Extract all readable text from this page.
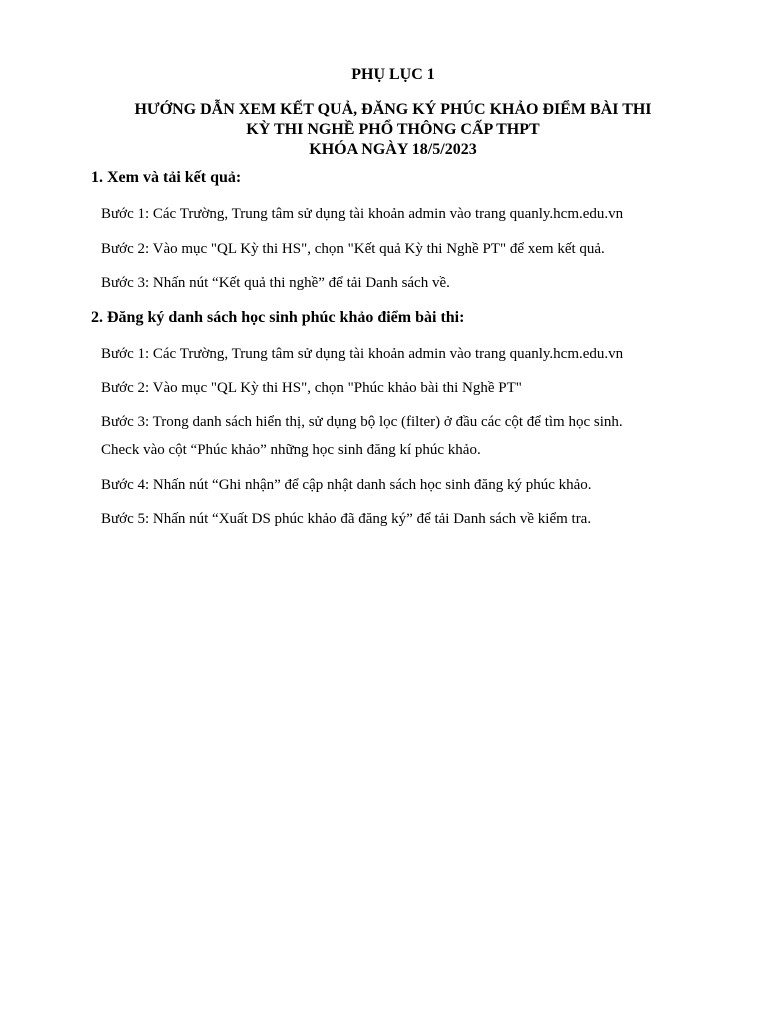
PHỤ LỤC 1
HƯỚNG DẪN XEM KẾT QUẢ, ĐĂNG KÝ PHÚC KHẢO ĐIỂM BÀI THI
KỲ THI NGHỀ PHỔ THÔNG CẤP THPT
KHÓA NGÀY 18/5/2023
1. Xem và tải kết quả:
Bước 1: Các Trường, Trung tâm sử dụng tài khoản admin vào trang quanly.hcm.edu.vn
Bước 2: Vào mục "QL Kỳ thi HS", chọn "Kết quả Kỳ thi Nghề PT" để xem kết quả.
Bước 3: Nhấn nút “Kết quả thi nghề” để tải Danh sách về.
2. Đăng ký danh sách học sinh phúc khảo điểm bài thi:
Bước 1: Các Trường, Trung tâm sử dụng tài khoản admin vào trang quanly.hcm.edu.vn
Bước 2: Vào mục "QL Kỳ thi HS", chọn "Phúc khảo bài thi Nghề PT"
Bước 3: Trong danh sách hiển thị, sử dụng bộ lọc (filter) ở đầu các cột để tìm học sinh.
Check vào cột “Phúc khảo” những học sinh đăng kí phúc khảo.
Bước 4: Nhấn nút “Ghi nhận” để cập nhật danh sách học sinh đăng ký phúc khảo.
Bước 5: Nhấn nút “Xuất DS phúc khảo đã đăng ký” để tải Danh sách về kiểm tra.
